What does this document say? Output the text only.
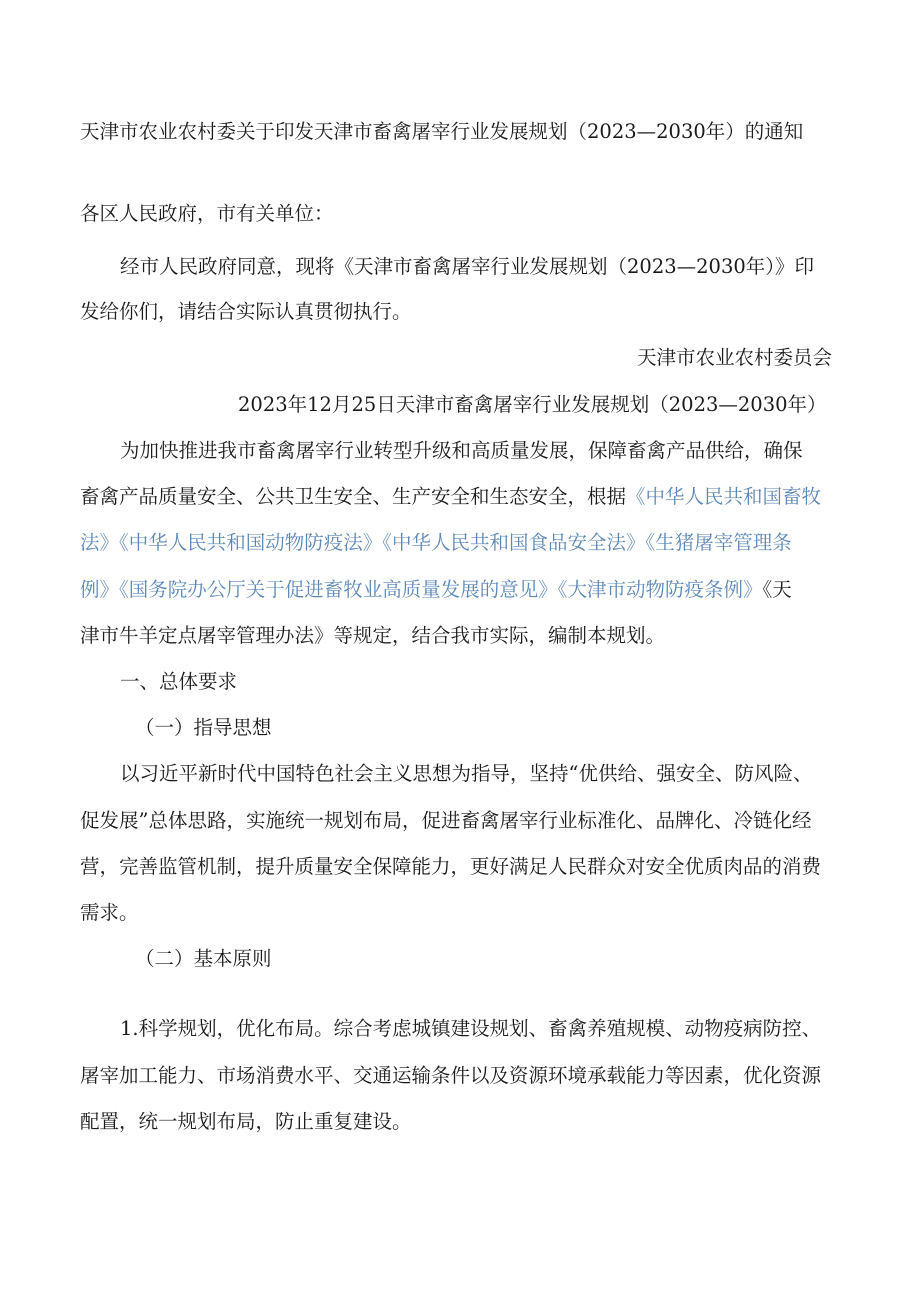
天津市农业农村委关于印发天津市畜禽屠宰行业发展规划（2023—2030年）的通知
各区人民政府，市有关单位：
经市人民政府同意，现将《天津市畜禽屠宰行业发展规划（2023—2030年）》印
发给你们，请结合实际认真贯彻执行。
天津市农业农村委员会
2023年12月25日天津市畜禽屠宰行业发展规划（2023—2030年）
为加快推进我市畜禽屠宰行业转型升级和高质量发展，保障畜禽产品供给，确保
畜禽产品质量安全、公共卫生安全、生产安全和生态安全，根据《中华人民共和国畜牧
法》《中华人民共和国动物防疫法》《中华人民共和国食品安全法》《生猪屠宰管理条
例》《国务院办公厅关于促进畜牧业高质量发展的意见》《大津市动物防疫条例》《天
津市牛羊定点屠宰管理办法》等规定，结合我市实际，编制本规划。
一、总体要求
（一）指导思想
以习近平新时代中国特色社会主义思想为指导，坚持“优供给、强安全、防风险、
促发展”总体思路，实施统一规划布局，促进畜禽屠宰行业标准化、品牌化、冷链化经
营，完善监管机制，提升质量安全保障能力，更好满足人民群众对安全优质肉品的消费
需求。
（二）基本原则
1.科学规划，优化布局。综合考虑城镇建设规划、畜禽养殖规模、动物疫病防控、
屠宰加工能力、市场消费水平、交通运输条件以及资源环境承载能力等因素，优化资源
配置，统一规划布局，防止重复建设。
